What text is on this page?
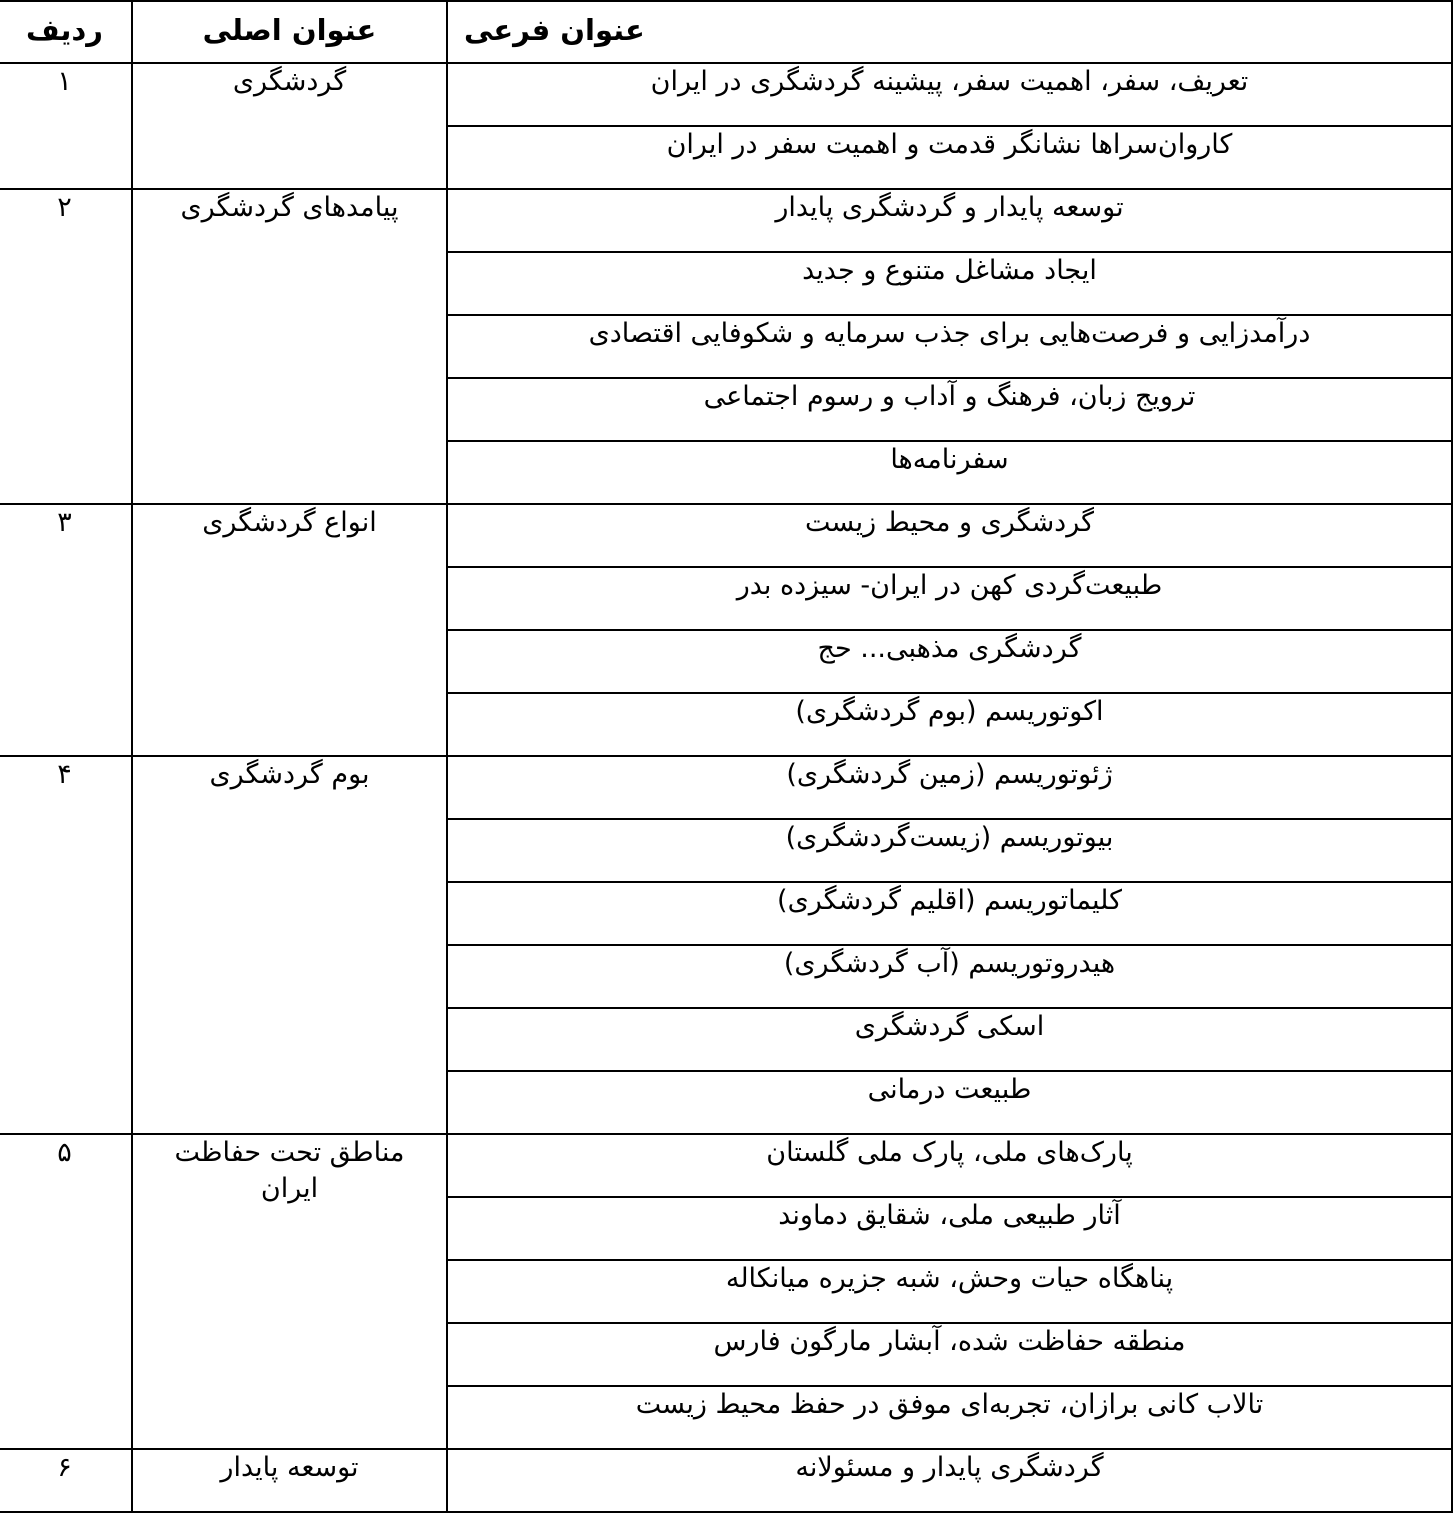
عنوان فرعی	عنوان اصلی	ردیف

تعریف، سفر، اهمیت سفر، پیشینه گردشگری در ایران	گردشگری	۱

کاروان‌سراها نشانگر قدمت و اهمیت سفر در ایران		

توسعه پایدار و گردشگری پایدار	پیامدهای گردشگری	۲

ایجاد مشاغل متنوع و جدید		

درآمدزایی و فرصت‌هایی برای جذب سرمایه و شکوفایی اقتصادی		

ترویج زبان، فرهنگ و آداب و رسوم اجتماعی		

سفرنامه‌ها		

گردشگری و محیط زیست	انواع گردشگری	۳

طبیعت‌گردی کهن در ایران- سیزده بدر		

گردشگری مذهبی... حج		

اکوتوریسم (بوم گردشگری)		

ژئوتوریسم (زمین گردشگری)	بوم گردشگری	۴

بیوتوریسم (زیست‌گردشگری)		

کلیماتوریسم (اقلیم گردشگری)		

هیدروتوریسم (آب گردشگری)		

اسکی گردشگری		

طبیعت درمانی		

پارک‌های ملی، پارک ملی گلستان	مناطق تحت حفاظت ایران	۵

آثار طبیعی ملی، شقایق دماوند		

پناهگاه حیات وحش، شبه جزیره میانکاله		

منطقه حفاظت شده، آبشار مارگون فارس		

تالاب کانی برازان، تجربه‌ای موفق در حفظ محیط زیست		

گردشگری پایدار و مسئولانه	توسعه پایدار	۶
